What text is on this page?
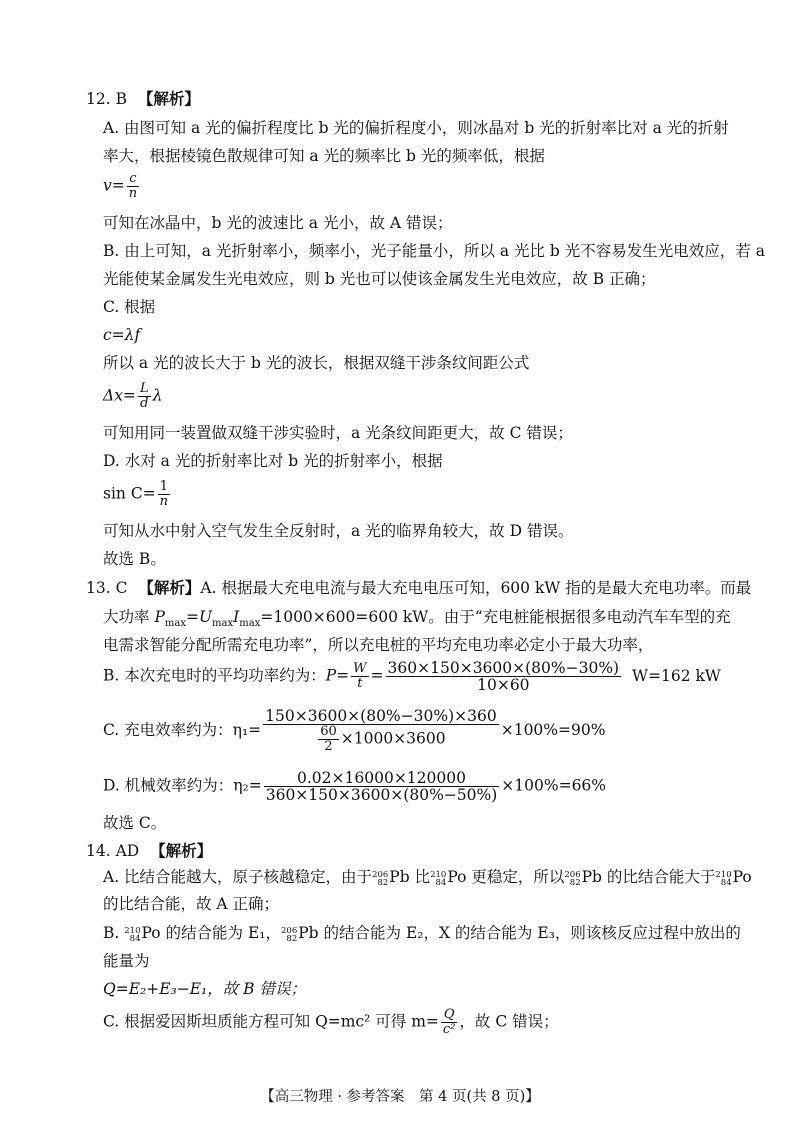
12. B 【解析】
A. 由图可知 a 光的偏折程度比 b 光的偏折程度小，则冰晶对 b 光的折射率比对 a 光的折射
率大，根据棱镜色散规律可知 a 光的频率比 b 光的频率低，根据
$v= \frac{c}{n}$
可知在冰晶中，b 光的波速比 a 光小，故 A 错误；
B. 由上可知，a 光折射率小，频率小，光子能量小，所以 a 光比 b 光不容易发生光电效应，若 a
光能使某金属发生光电效应，则 b 光也可以使该金属发生光电效应，故 B 正确；
C. 根据
c=λf
所以 a 光的波长大于 b 光的波长，根据双缝干涉条纹间距公式
$\Delta x= \frac{L}{d}$ λ
可知用同一装置做双缝干涉实验时，a 光条纹间距更大，故 C 错误；
D. 水对 a 光的折射率比对 b 光的折射率小，根据
$\sin C= \frac{1}{n}$
可知从水中射入空气发生全反射时，a 光的临界角较大，故 D 错误。
故选 B。
13. C 【解析】A. 根据最大充电电流与最大充电电压可知，600 kW 指的是最大充电功率。而最
大功率 $P_{max}=U_{max}I_{max}=1000\times 600=600$ kW。由于“充电桩能根据很多电动汽车车型的充
电需求智能分配所需充电功率”，所以充电桩的平均充电功率必定小于最大功率，
B. 本次充电时的平均功率约为：$P= \frac{W}{t} = \frac{360\times 150\times 3600\times(80\%-30\%)}{10\times 60} W=162$ kW
C. 充电效率约为：$\eta_1= \frac{150\times 3600\times(80\%-30\%)\times 360}{\frac{60}{2} \times 1000\times 3600} \times 100\%=90\%$
D. 机械效率约为：$\eta_2= \frac{0.02\times 16000\times 120000}{360\times 150\times 3600\times(80\%-50\%)} \times 100\%=66\%$
故选 C。
14. AD 【解析】
A. 比结合能越大，原子核越稳定，由于 206
82 Pb 比 210
84 Po 更稳定，所以 206
82 Pb 的比结合能大于 210
84 Po
的比结合能，故 A 正确；
B. 210
84 Po 的结合能为 E₁， 206
82 Pb 的结合能为 E₂，X 的结合能为 E₃，则该核反应过程中放出的
能量为
Q=E₂+E₃−E₁，故 B 错误；
C. 根据爱因斯坦质能方程可知 Q=mc² 可得 $m= \frac{Q}{\text{c²}}$ ，故 C 错误；
【高三物理 · 参考答案　第 4 页(共 8 页)】
